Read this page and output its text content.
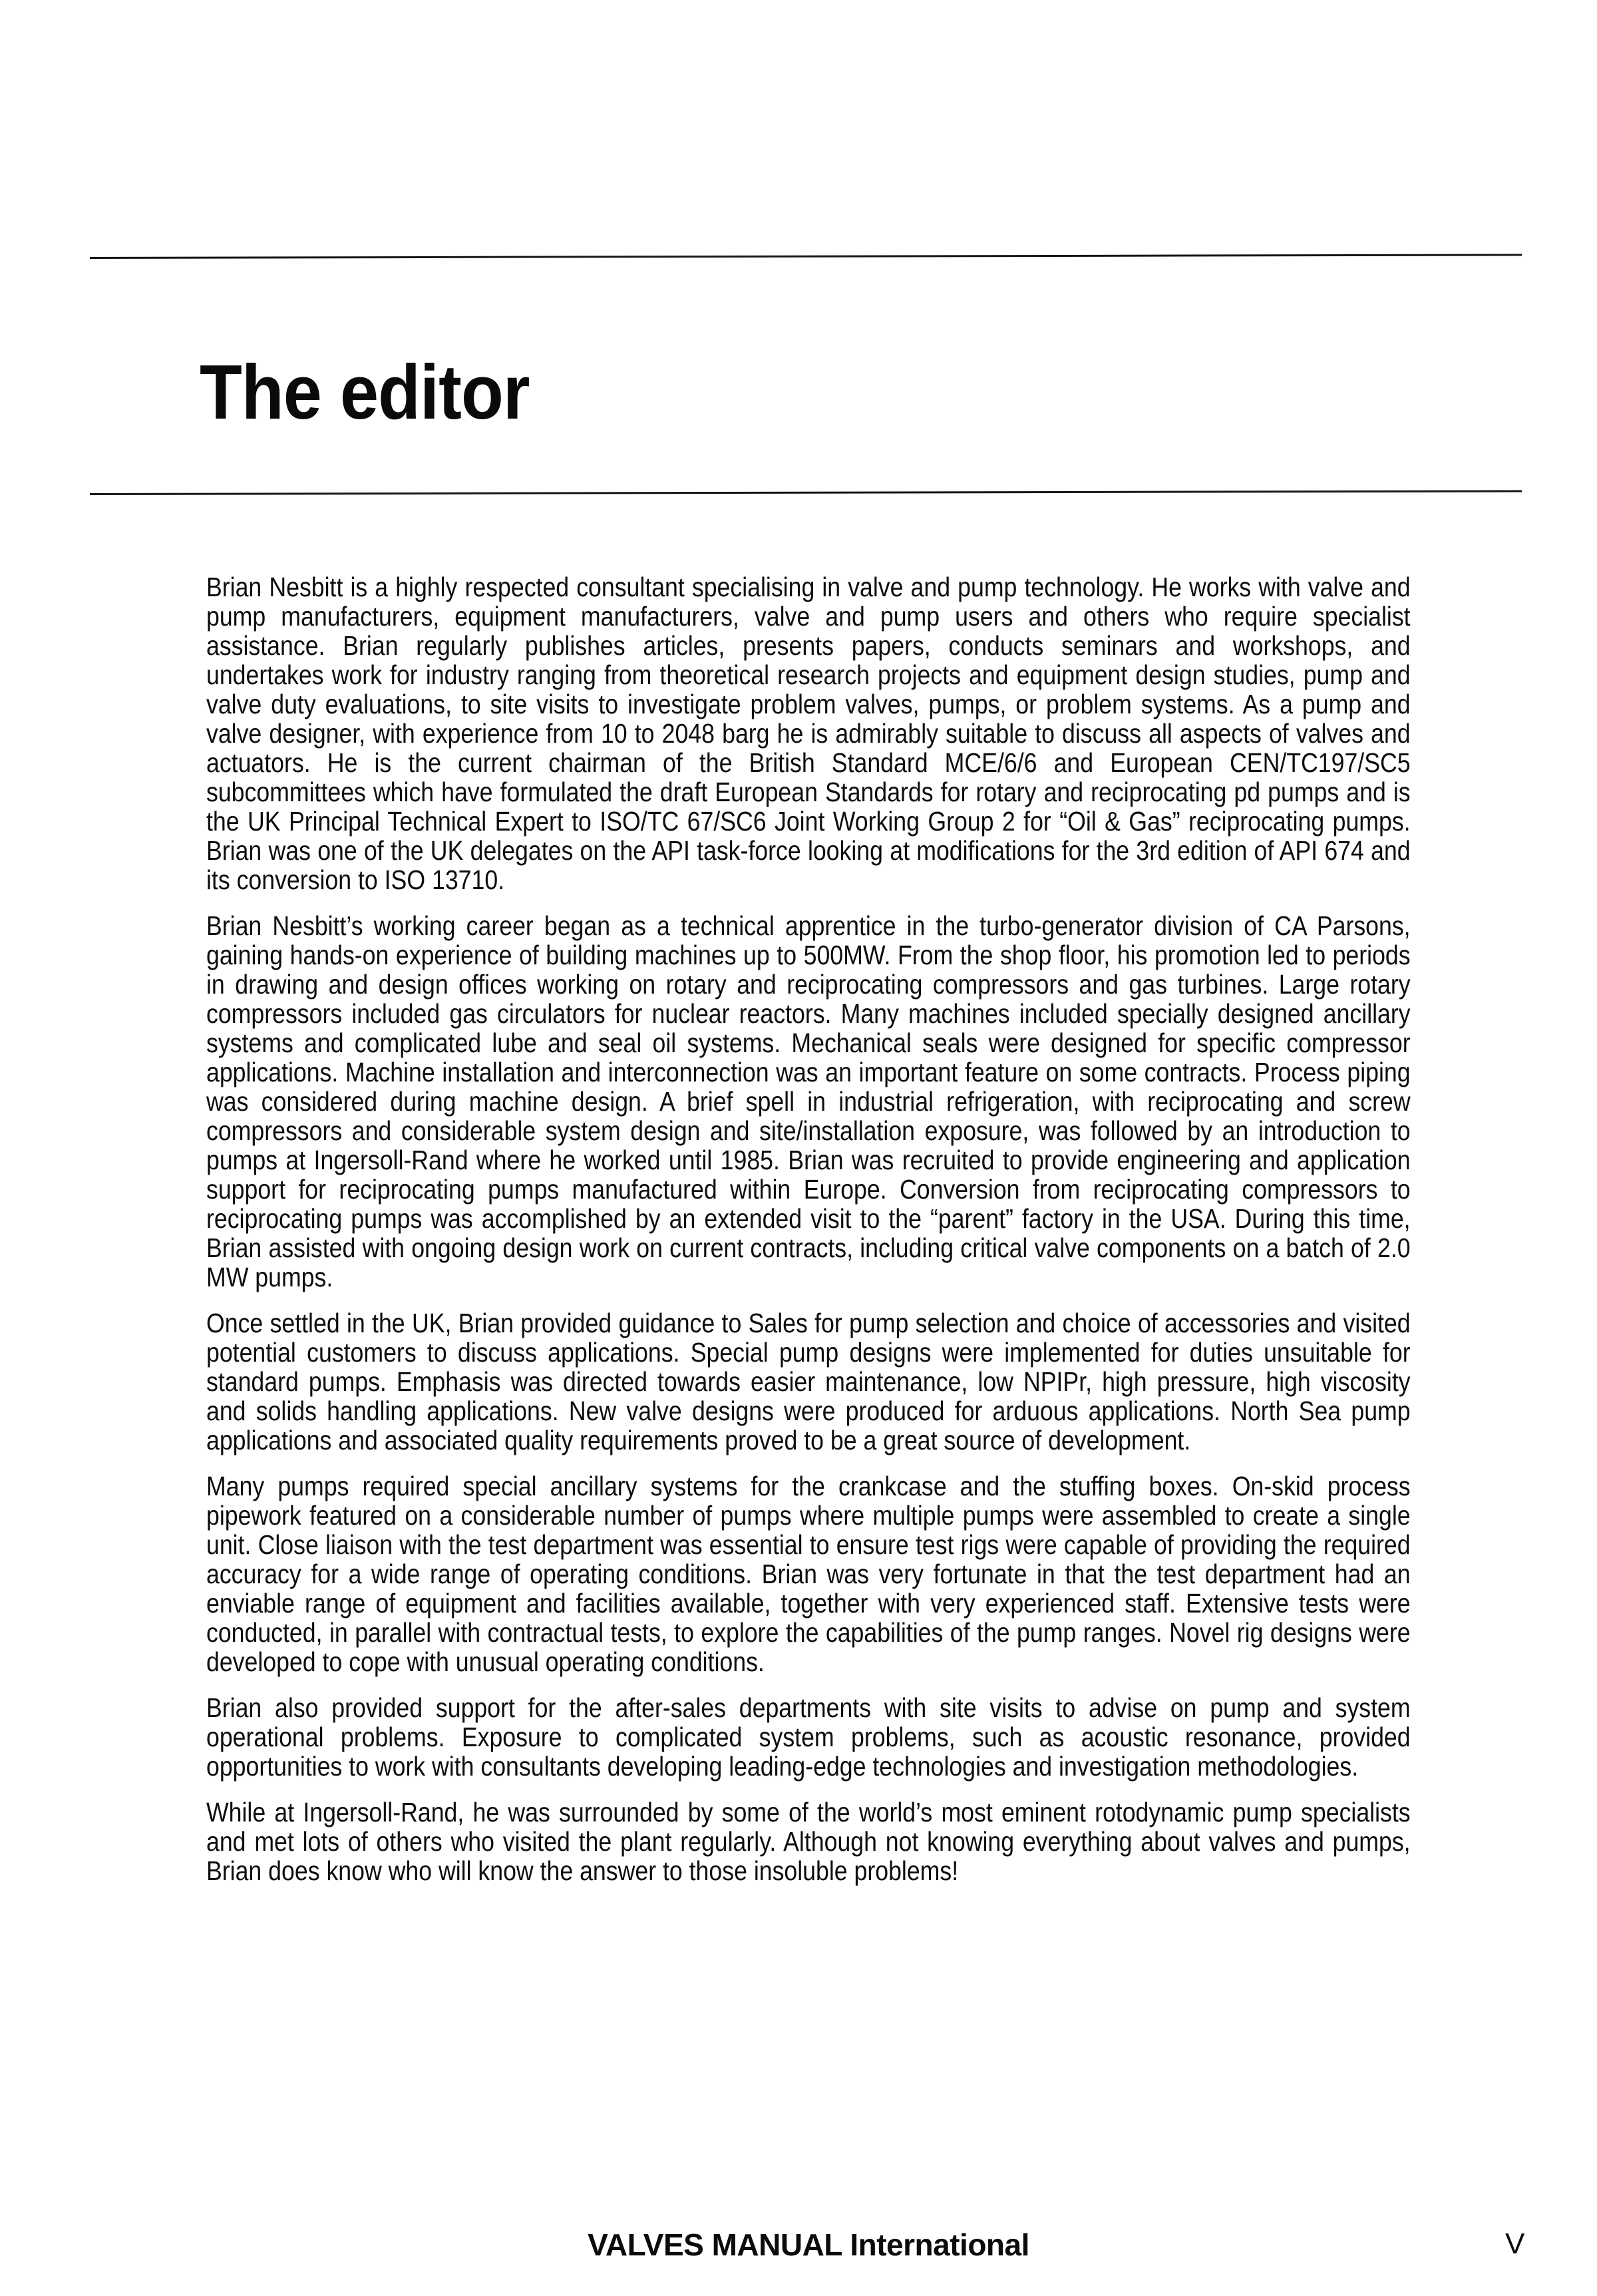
The editor

Brian Nesbitt is a highly respected consultant specialising in valve and pump technology. He works with valve and pump manufacturers, equipment manufacturers, valve and pump users and others who require specialist assistance. Brian regularly publishes articles, presents papers, conducts seminars and workshops, and undertakes work for industry ranging from theoretical research projects and equipment design studies, pump and valve duty evaluations, to site visits to investigate problem valves, pumps, or problem systems. As a pump and valve designer, with experience from 10 to 2048 barg he is admirably suitable to discuss all aspects of valves and actuators. He is the current chairman of the British Standard MCE/6/6 and European CEN/TC197/SC5 subcommittees which have formulated the draft European Standards for rotary and reciprocating pd pumps and is the UK Principal Technical Expert to ISO/TC 67/SC6 Joint Working Group 2 for “Oil & Gas” reciprocating pumps. Brian was one of the UK delegates on the API task-force looking at modifications for the 3rd edition of API 674 and its conversion to ISO 13710.

Brian Nesbitt’s working career began as a technical apprentice in the turbo-generator division of CA Parsons, gaining hands-on experience of building machines up to 500MW. From the shop floor, his promotion led to periods in drawing and design offices working on rotary and reciprocating compressors and gas turbines. Large rotary compressors included gas circulators for nuclear reactors. Many machines included specially designed ancillary systems and complicated lube and seal oil systems. Mechanical seals were designed for specific compressor applications. Machine installation and interconnection was an important feature on some contracts. Process piping was considered during machine design. A brief spell in industrial refrigeration, with reciprocating and screw compressors and considerable system design and site/installation exposure, was followed by an introduction to pumps at Ingersoll-Rand where he worked until 1985. Brian was recruited to provide engineering and application support for reciprocating pumps manufactured within Europe. Conversion from reciprocating compressors to reciprocating pumps was accomplished by an extended visit to the “parent” factory in the USA. During this time, Brian assisted with ongoing design work on current contracts, including critical valve components on a batch of 2.0 MW pumps.

Once settled in the UK, Brian provided guidance to Sales for pump selection and choice of accessories and visited potential customers to discuss applications. Special pump designs were implemented for duties unsuitable for standard pumps. Emphasis was directed towards easier maintenance, low NPIPr, high pressure, high viscosity and solids handling applications. New valve designs were produced for arduous applications. North Sea pump applications and associated quality requirements proved to be a great source of development.

Many pumps required special ancillary systems for the crankcase and the stuffing boxes. On-skid process pipework featured on a considerable number of pumps where multiple pumps were assembled to create a single unit. Close liaison with the test department was essential to ensure test rigs were capable of providing the required accuracy for a wide range of operating conditions. Brian was very fortunate in that the test department had an enviable range of equipment and facilities available, together with very experienced staff. Extensive tests were conducted, in parallel with contractual tests, to explore the capabilities of the pump ranges. Novel rig designs were developed to cope with unusual operating conditions.

Brian also provided support for the after-sales departments with site visits to advise on pump and system operational problems. Exposure to complicated system problems, such as acoustic resonance, provided opportunities to work with consultants developing leading-edge technologies and investigation methodologies.

While at Ingersoll-Rand, he was surrounded by some of the world’s most eminent rotodynamic pump specialists and met lots of others who visited the plant regularly. Although not knowing everything about valves and pumps, Brian does know who will know the answer to those insoluble problems!

VALVES MANUAL International	V
